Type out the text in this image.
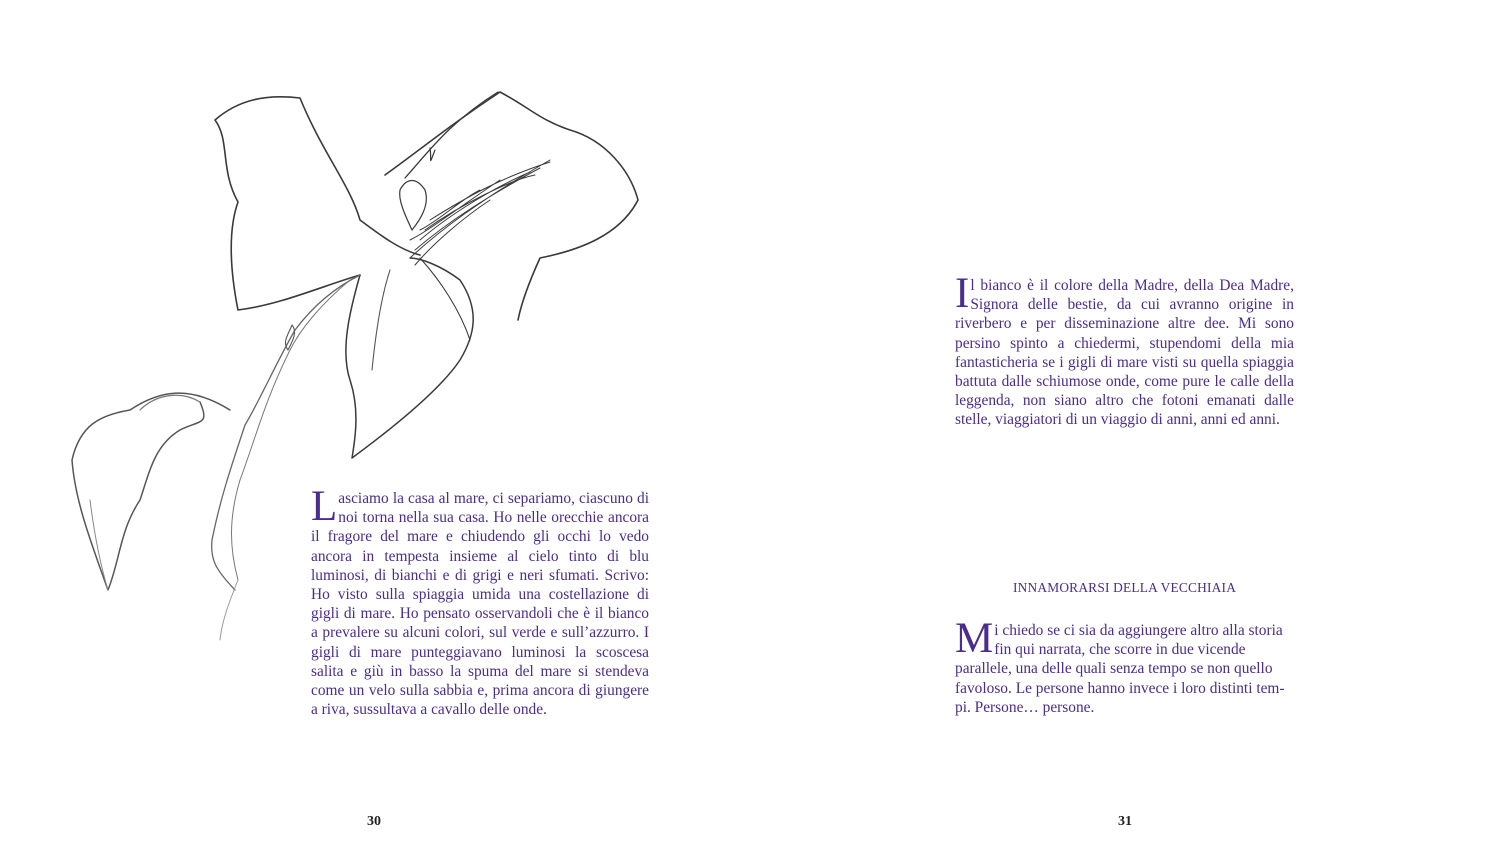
Lasciamo la casa al mare, ci separiamo, ciascuno di noi torna nella sua casa. Ho nelle orecchie ancora il fragore del mare e chiudendo gli occhi lo vedo ancora in tempesta insieme al cielo tinto di blu luminosi, di bianchi e di grigi e neri sfumati. Scrivo: Ho visto sulla spiaggia umida una costellazione di gigli di mare. Ho pensato osservandoli che è il bianco a prevalere su alcuni colori, sul verde e sull’azzurro. I gigli di mare punteggiavano luminosi la scoscesa salita e giù in basso la spuma del mare si stendeva come un velo sulla sabbia e, prima ancora di giungere a riva, sussultava a cavallo delle onde.
30
Il bianco è il colore della Madre, della Dea Madre, Signora delle bestie, da cui avranno origine in riverbero e per disseminazione altre dee. Mi sono persino spinto a chiedermi, stupendomi della mia fantasticheria se i gigli di mare visti su quella spiaggia battuta dalle schiumose onde, come pure le calle della leggenda, non siano altro che fotoni emanati dalle stelle, viaggiatori di un viaggio di anni, anni ed anni.
INNAMORARSI DELLA VECCHIAIA
Mi chiedo se ci sia da aggiungere altro alla storia fin qui narrata, che scorre in due vicende parallele, una delle quali senza tempo se non quello favoloso. Le persone hanno invece i loro distinti tempi. Persone… persone.
31
